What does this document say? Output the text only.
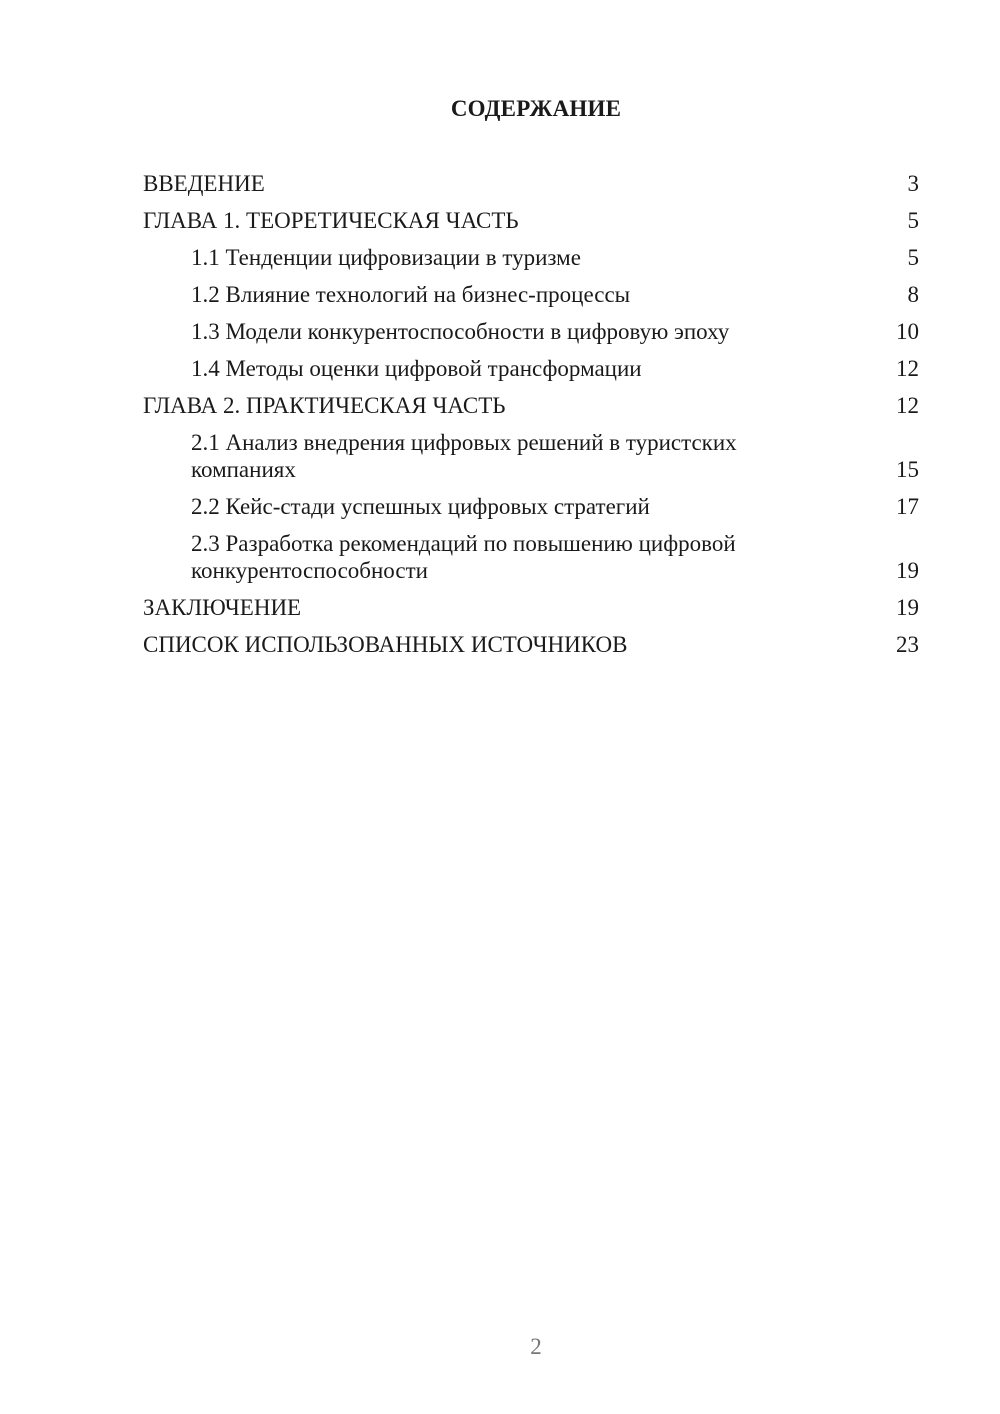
СОДЕРЖАНИЕ
ВВЕДЕНИЕ	3
ГЛАВА 1. ТЕОРЕТИЧЕСКАЯ ЧАСТЬ	5
1.1 Тенденции цифровизации в туризме	5
1.2 Влияние технологий на бизнес-процессы	8
1.3 Модели конкурентоспособности в цифровую эпоху	10
1.4 Методы оценки цифровой трансформации	12
ГЛАВА 2. ПРАКТИЧЕСКАЯ ЧАСТЬ	12
2.1 Анализ внедрения цифровых решений в туристских компаниях	15
2.2 Кейс-стади успешных цифровых стратегий	17
2.3 Разработка рекомендаций по повышению цифровой конкурентоспособности	19
ЗАКЛЮЧЕНИЕ	19
СПИСОК ИСПОЛЬЗОВАННЫХ ИСТОЧНИКОВ	23
2
